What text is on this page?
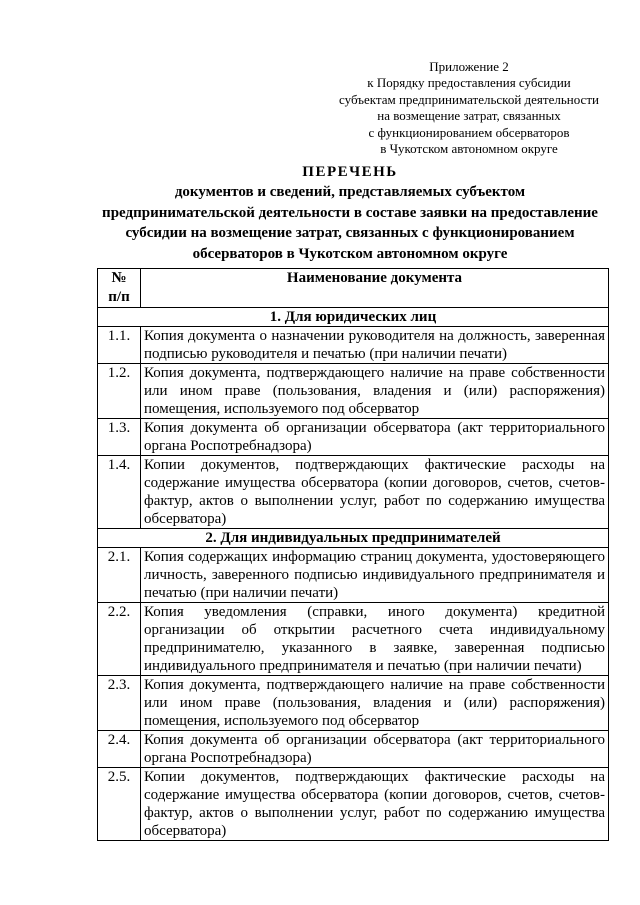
Приложение 2
к Порядку предоставления субсидии
субъектам предпринимательской деятельности
на возмещение затрат, связанных
с функционированием обсерваторов
в Чукотском автономном округе
ПЕРЕЧЕНЬ
документов и сведений, представляемых субъектом
предпринимательской деятельности в составе заявки на предоставление
субсидии на возмещение затрат, связанных с функционированием
обсерваторов в Чукотском автономном округе
№
п/п	Наименование документа
1. Для юридических лиц	
1.1.	Копия документа о назначении руководителя на должность, заверенная подписью руководителя и печатью (при наличии печати)
1.2.	Копия документа, подтверждающего наличие на праве собственности или ином праве (пользования, владения и (или) распоряжения) помещения, используемого под обсерватор
1.3.	Копия документа об организации обсерватора (акт территориального органа Роспотребнадзора)
1.4.	Копии документов, подтверждающих фактические расходы на содержание имущества обсерватора (копии договоров, счетов, счетов-фактур, актов о выполнении услуг, работ по содержанию имущества обсерватора)
2. Для индивидуальных предпринимателей	
2.1.	Копия содержащих информацию страниц документа, удостоверяющего личность, заверенного подписью индивидуального предпринимателя и печатью (при наличии печати)
2.2.	Копия уведомления (справки, иного документа) кредитной организации об открытии расчетного счета индивидуальному предпринимателю, указанного в заявке, заверенная подписью индивидуального предпринимателя и печатью (при наличии печати)
2.3.	Копия документа, подтверждающего наличие на праве собственности или ином праве (пользования, владения и (или) распоряжения) помещения, используемого под обсерватор
2.4.	Копия документа об организации обсерватора (акт территориального органа Роспотребнадзора)
2.5.	Копии документов, подтверждающих фактические расходы на содержание имущества обсерватора (копии договоров, счетов, счетов-фактур, актов о выполнении услуг, работ по содержанию имущества обсерватора)
